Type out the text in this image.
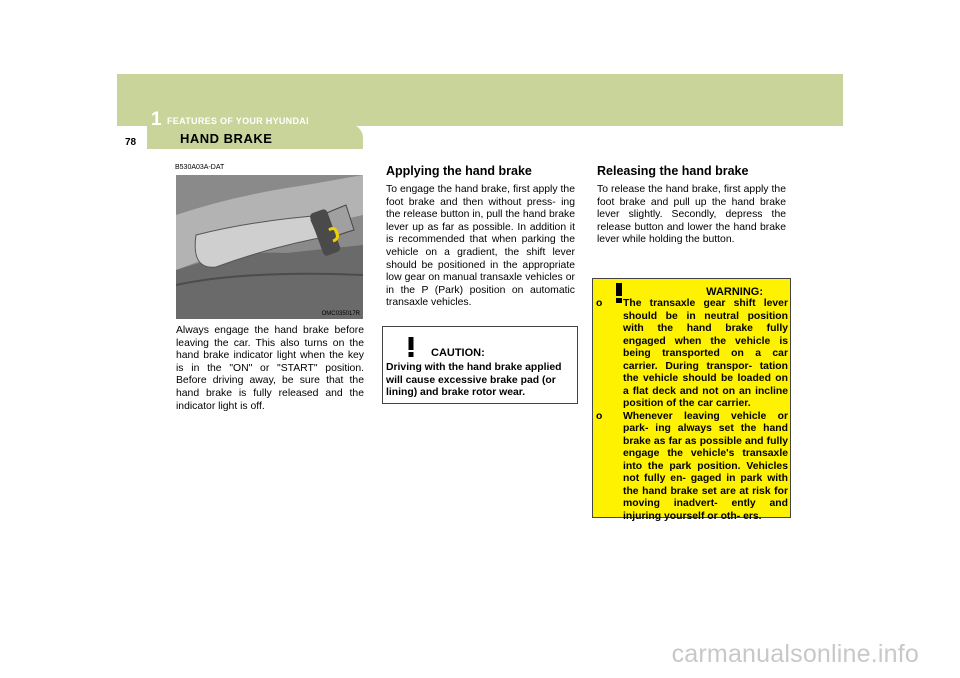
1 FEATURES OF YOUR HYUNDAI
78	HAND BRAKE
B530A03A-DAT
OMC035017R
Always engage the hand brake before leaving the car. This also turns on the hand brake indicator light when the key is in the "ON" or "START" position. Before driving away, be sure that the hand brake is fully released and the indicator light is off.
Applying the hand brake
To engage the hand brake, first apply the foot brake and then without press- ing the release button in, pull the hand brake lever up as far as possible. In addition it is recommended that when parking the vehicle on a gradient, the shift lever should be positioned in the appropriate low gear on manual transaxle vehicles or in the P (Park) position on automatic transaxle vehicles.
CAUTION:
Driving with the hand brake applied will cause excessive brake pad (or lining) and brake rotor wear.
Releasing the hand brake
To release the hand brake, first apply the foot brake and pull up the hand brake lever slightly. Secondly, depress the release button and lower the hand brake lever while holding the button.
WARNING:
o The transaxle gear shift lever should be in neutral position with the hand brake fully engaged when the vehicle is being transported on a car carrier. During transpor- tation the vehicle should be loaded on a flat deck and not on an incline position of the car carrier.
o Whenever leaving vehicle or park- ing always set the hand brake as far as possible and fully engage the vehicle's transaxle into the park position. Vehicles not fully en- gaged in park with the hand brake set are at risk for moving inadvert- ently and injuring yourself or oth- ers.
carmanualsonline.info
